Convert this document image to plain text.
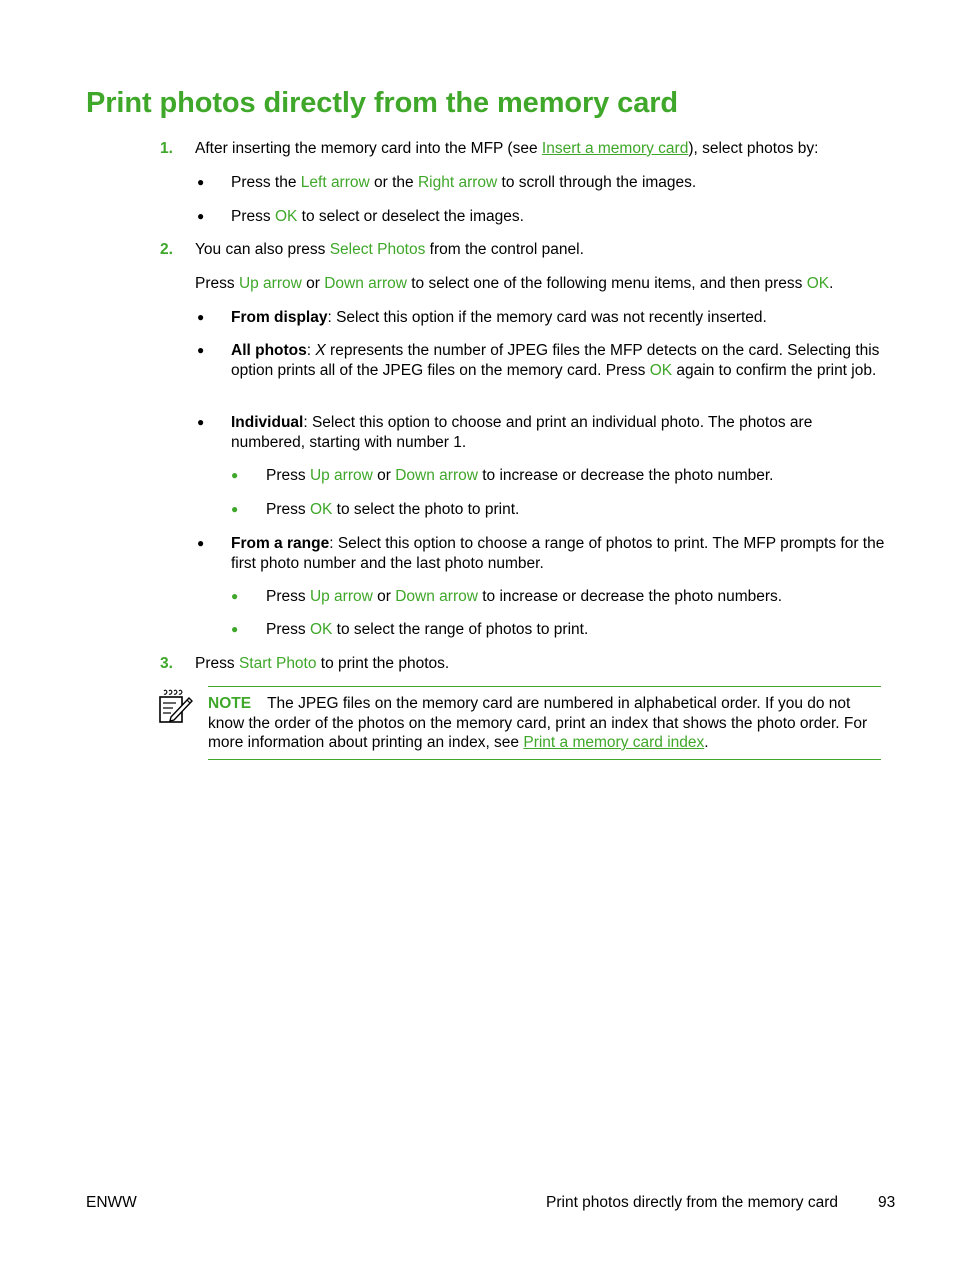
Print photos directly from the memory card
1. After inserting the memory card into the MFP (see Insert a memory card), select photos by:
● Press the Left arrow or the Right arrow to scroll through the images.
● Press OK to select or deselect the images.
2. You can also press Select Photos from the control panel.
Press Up arrow or Down arrow to select one of the following menu items, and then press OK.
● From display: Select this option if the memory card was not recently inserted.
● All photos: X represents the number of JPEG files the MFP detects on the card. Selecting this option prints all of the JPEG files on the memory card. Press OK again to confirm the print job.
● Individual: Select this option to choose and print an individual photo. The photos are numbered, starting with number 1.
● Press Up arrow or Down arrow to increase or decrease the photo number.
● Press OK to select the photo to print.
● From a range: Select this option to choose a range of photos to print. The MFP prompts for the first photo number and the last photo number.
● Press Up arrow or Down arrow to increase or decrease the photo numbers.
● Press OK to select the range of photos to print.
3. Press Start Photo to print the photos.
NOTE The JPEG files on the memory card are numbered in alphabetical order. If you do not know the order of the photos on the memory card, print an index that shows the photo order. For more information about printing an index, see Print a memory card index.
ENWW	Print photos directly from the memory card	93
